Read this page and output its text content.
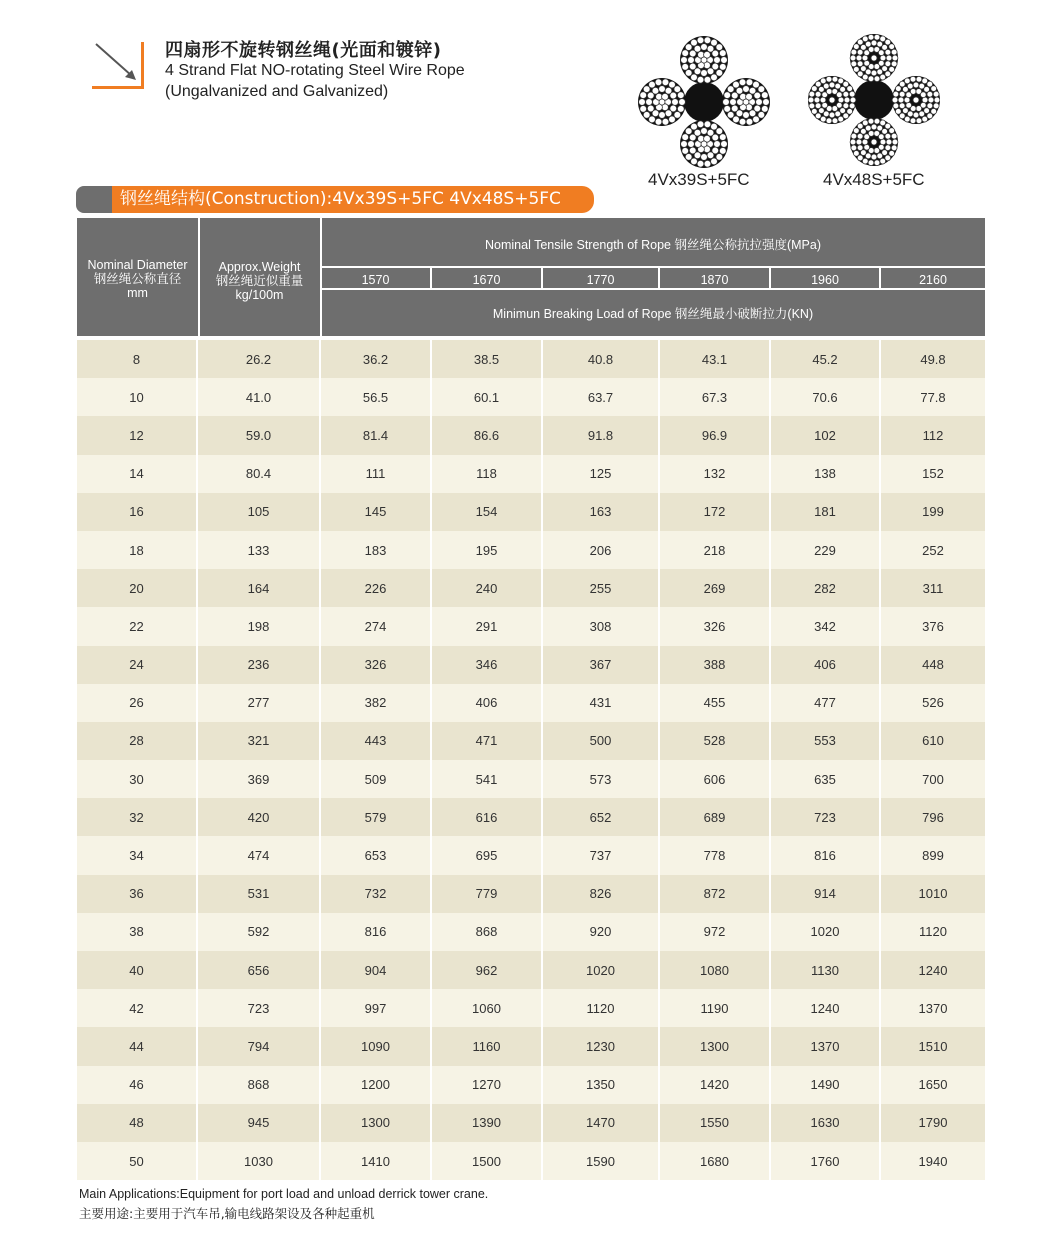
四扇形不旋转钢丝绳(光面和镀锌)
4 Strand Flat NO-rotating Steel Wire Rope
(Ungalvanized and Galvanized)
4Vx39S+5FC	4Vx48S+5FC
钢丝绳结构(Construction):4Vx39S+5FC 4Vx48S+5FC
Nominal Diameter
钢丝绳公称直径
mm
Approx.Weight
钢丝绳近似重量
kg/100m
Nominal Tensile Strength of Rope 钢丝绳公称抗拉强度(MPa)
Minimun Breaking Load of Rope 钢丝绳最小破断拉力(KN)
1570	1670	1770	1870	1960	2160
8	26.2	36.2	38.5	40.8	43.1	45.2	49.8
10	41.0	56.5	60.1	63.7	67.3	70.6	77.8
12	59.0	81.4	86.6	91.8	96.9	102	112
14	80.4	111	118	125	132	138	152
16	105	145	154	163	172	181	199
18	133	183	195	206	218	229	252
20	164	226	240	255	269	282	311
22	198	274	291	308	326	342	376
24	236	326	346	367	388	406	448
26	277	382	406	431	455	477	526
28	321	443	471	500	528	553	610
30	369	509	541	573	606	635	700
32	420	579	616	652	689	723	796
34	474	653	695	737	778	816	899
36	531	732	779	826	872	914	1010
38	592	816	868	920	972	1020	1120
40	656	904	962	1020	1080	1130	1240
42	723	997	1060	1120	1190	1240	1370
44	794	1090	1160	1230	1300	1370	1510
46	868	1200	1270	1350	1420	1490	1650
48	945	1300	1390	1470	1550	1630	1790
50	1030	1410	1500	1590	1680	1760	1940
Main Applications:Equipment for port load and unload derrick tower crane.
主要用途:主要用于汽车吊,输电线路架设及各种起重机
